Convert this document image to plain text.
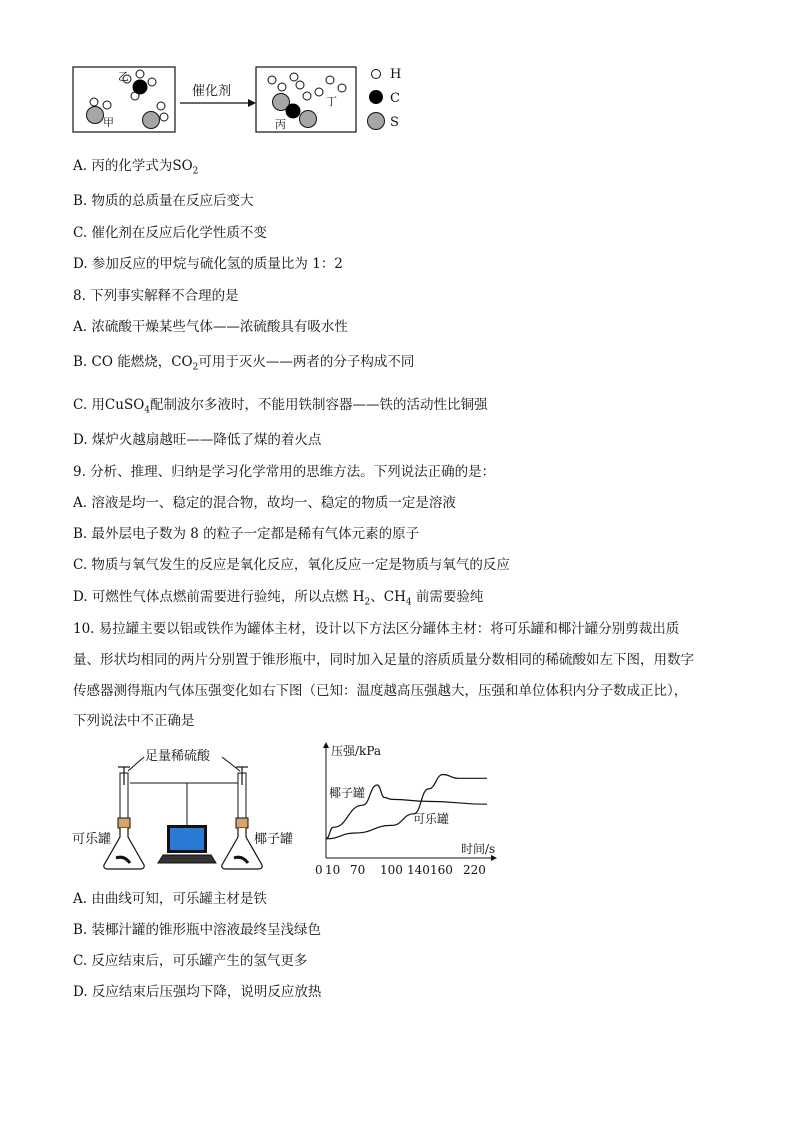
乙
甲
催化剂
丁
丙
H
C
S
A. 丙的化学式为$SO_2$
B. 物质的总质量在反应后变大
C. 催化剂在反应后化学性质不变
D. 参加反应的甲烷与硫化氢的质量比为 1：2
8. 下列事实解释不合理的是
A. 浓硫酸干燥某些气体——浓硫酸具有吸水性
B. CO 能燃烧，$CO_2$可用于灭火——两者的分子构成不同
C. 用CuSO$_4$配制波尔多液时，不能用铁制容器——铁的活动性比铜强
D. 煤炉火越扇越旺——降低了煤的着火点
9. 分析、推理、归纳是学习化学常用的思维方法。下列说法正确的是：
A. 溶液是均一、稳定的混合物，故均一、稳定的物质一定是溶液
B. 最外层电子数为 8 的粒子一定都是稀有气体元素的原子
C. 物质与氧气发生的反应是氧化反应，氧化反应一定是物质与氧气的反应
D. 可燃性气体点燃前需要进行验纯，所以点燃 $H_2$、$CH_4$ 前需要验纯
10. 易拉罐主要以铝或铁作为罐体主材，设计以下方法区分罐体主材：将可乐罐和椰汁罐分别剪裁出质
量、形状均相同的两片分别置于锥形瓶中，同时加入足量的溶质质量分数相同的稀硫酸如左下图，用数字
传感器测得瓶内气体压强变化如右下图（已知：温度越高压强越大，压强和单位体积内分子数成正比），
下列说法中不正确是
足量稀硫酸
可乐罐	椰子罐
压强/kPa
时间/s
0 10 70 100 140 160 220
椰子罐
可乐罐
A. 由曲线可知，可乐罐主材是铁
B. 装椰汁罐的锥形瓶中溶液最终呈浅绿色
C. 反应结束后，可乐罐产生的氢气更多
D. 反应结束后压强均下降，说明反应放热
